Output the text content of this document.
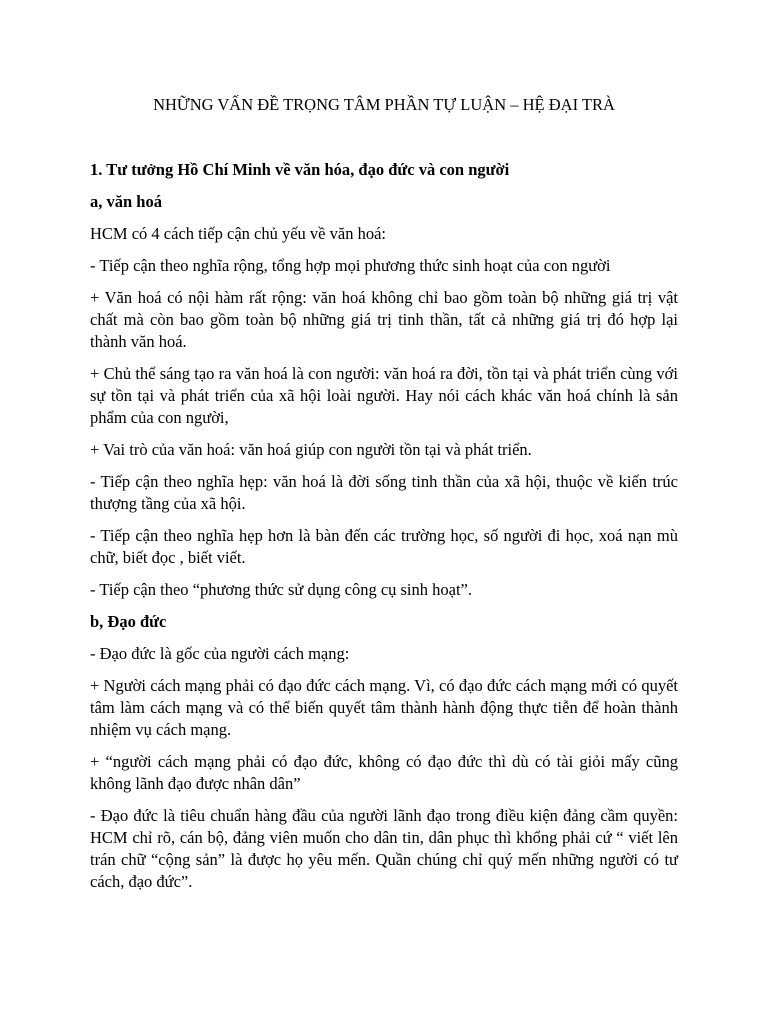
NHỮNG VẤN ĐỀ TRỌNG TÂM PHẦN TỰ LUẬN – HỆ ĐẠI TRÀ

1. Tư tưởng Hồ Chí Minh về văn hóa, đạo đức và con người

a, văn hoá

HCM có 4 cách tiếp cận chủ yếu về văn hoá:

- Tiếp cận theo nghĩa rộng, tổng hợp mọi phương thức sinh hoạt của con người

+ Văn hoá có nội hàm rất rộng: văn hoá không chỉ bao gồm toàn bộ những giá trị vật chất mà còn bao gồm toàn bộ những giá trị tinh thần, tất cả những giá trị đó hợp lại thành văn hoá.

+ Chủ thể sáng tạo ra văn hoá là con người: văn hoá ra đời, tồn tại và phát triển cùng với sự tồn tại và phát triển của xã hội loài người. Hay nói cách khác văn hoá chính là sản phẩm của con người,

+ Vai trò của văn hoá: văn hoá giúp con người tồn tại và phát triển.

- Tiếp cận theo nghĩa hẹp: văn hoá là đời sống tinh thần của xã hội, thuộc về kiến trúc thượng tầng của xã hội.

- Tiếp cận theo nghĩa hẹp hơn là bàn đến các trường học, số người đi học, xoá nạn mù chữ, biết đọc , biết viết.

- Tiếp cận theo “phương thức sử dụng công cụ sinh hoạt”.

b, Đạo đức

- Đạo đức là gốc của người cách mạng:

+ Người cách mạng phải có đạo đức cách mạng. Vì, có đạo đức cách mạng mới có quyết tâm làm cách mạng và có thể biến quyết tâm thành hành động thực tiễn để hoàn thành nhiệm vụ cách mạng.

+ “người cách mạng phải có đạo đức, không có đạo đức thì dù có tài giỏi mấy cũng không lãnh đạo được nhân dân”

- Đạo đức là tiêu chuẩn hàng đầu của người lãnh đạo trong điều kiện đảng cầm quyền: HCM chỉ rõ, cán bộ, đảng viên muốn cho dân tin, dân phục thì khổng phải cứ “ viết lên trán chữ “cộng sản” là được họ yêu mến. Quần chúng chỉ quý mến những người có tư cách, đạo đức”.
